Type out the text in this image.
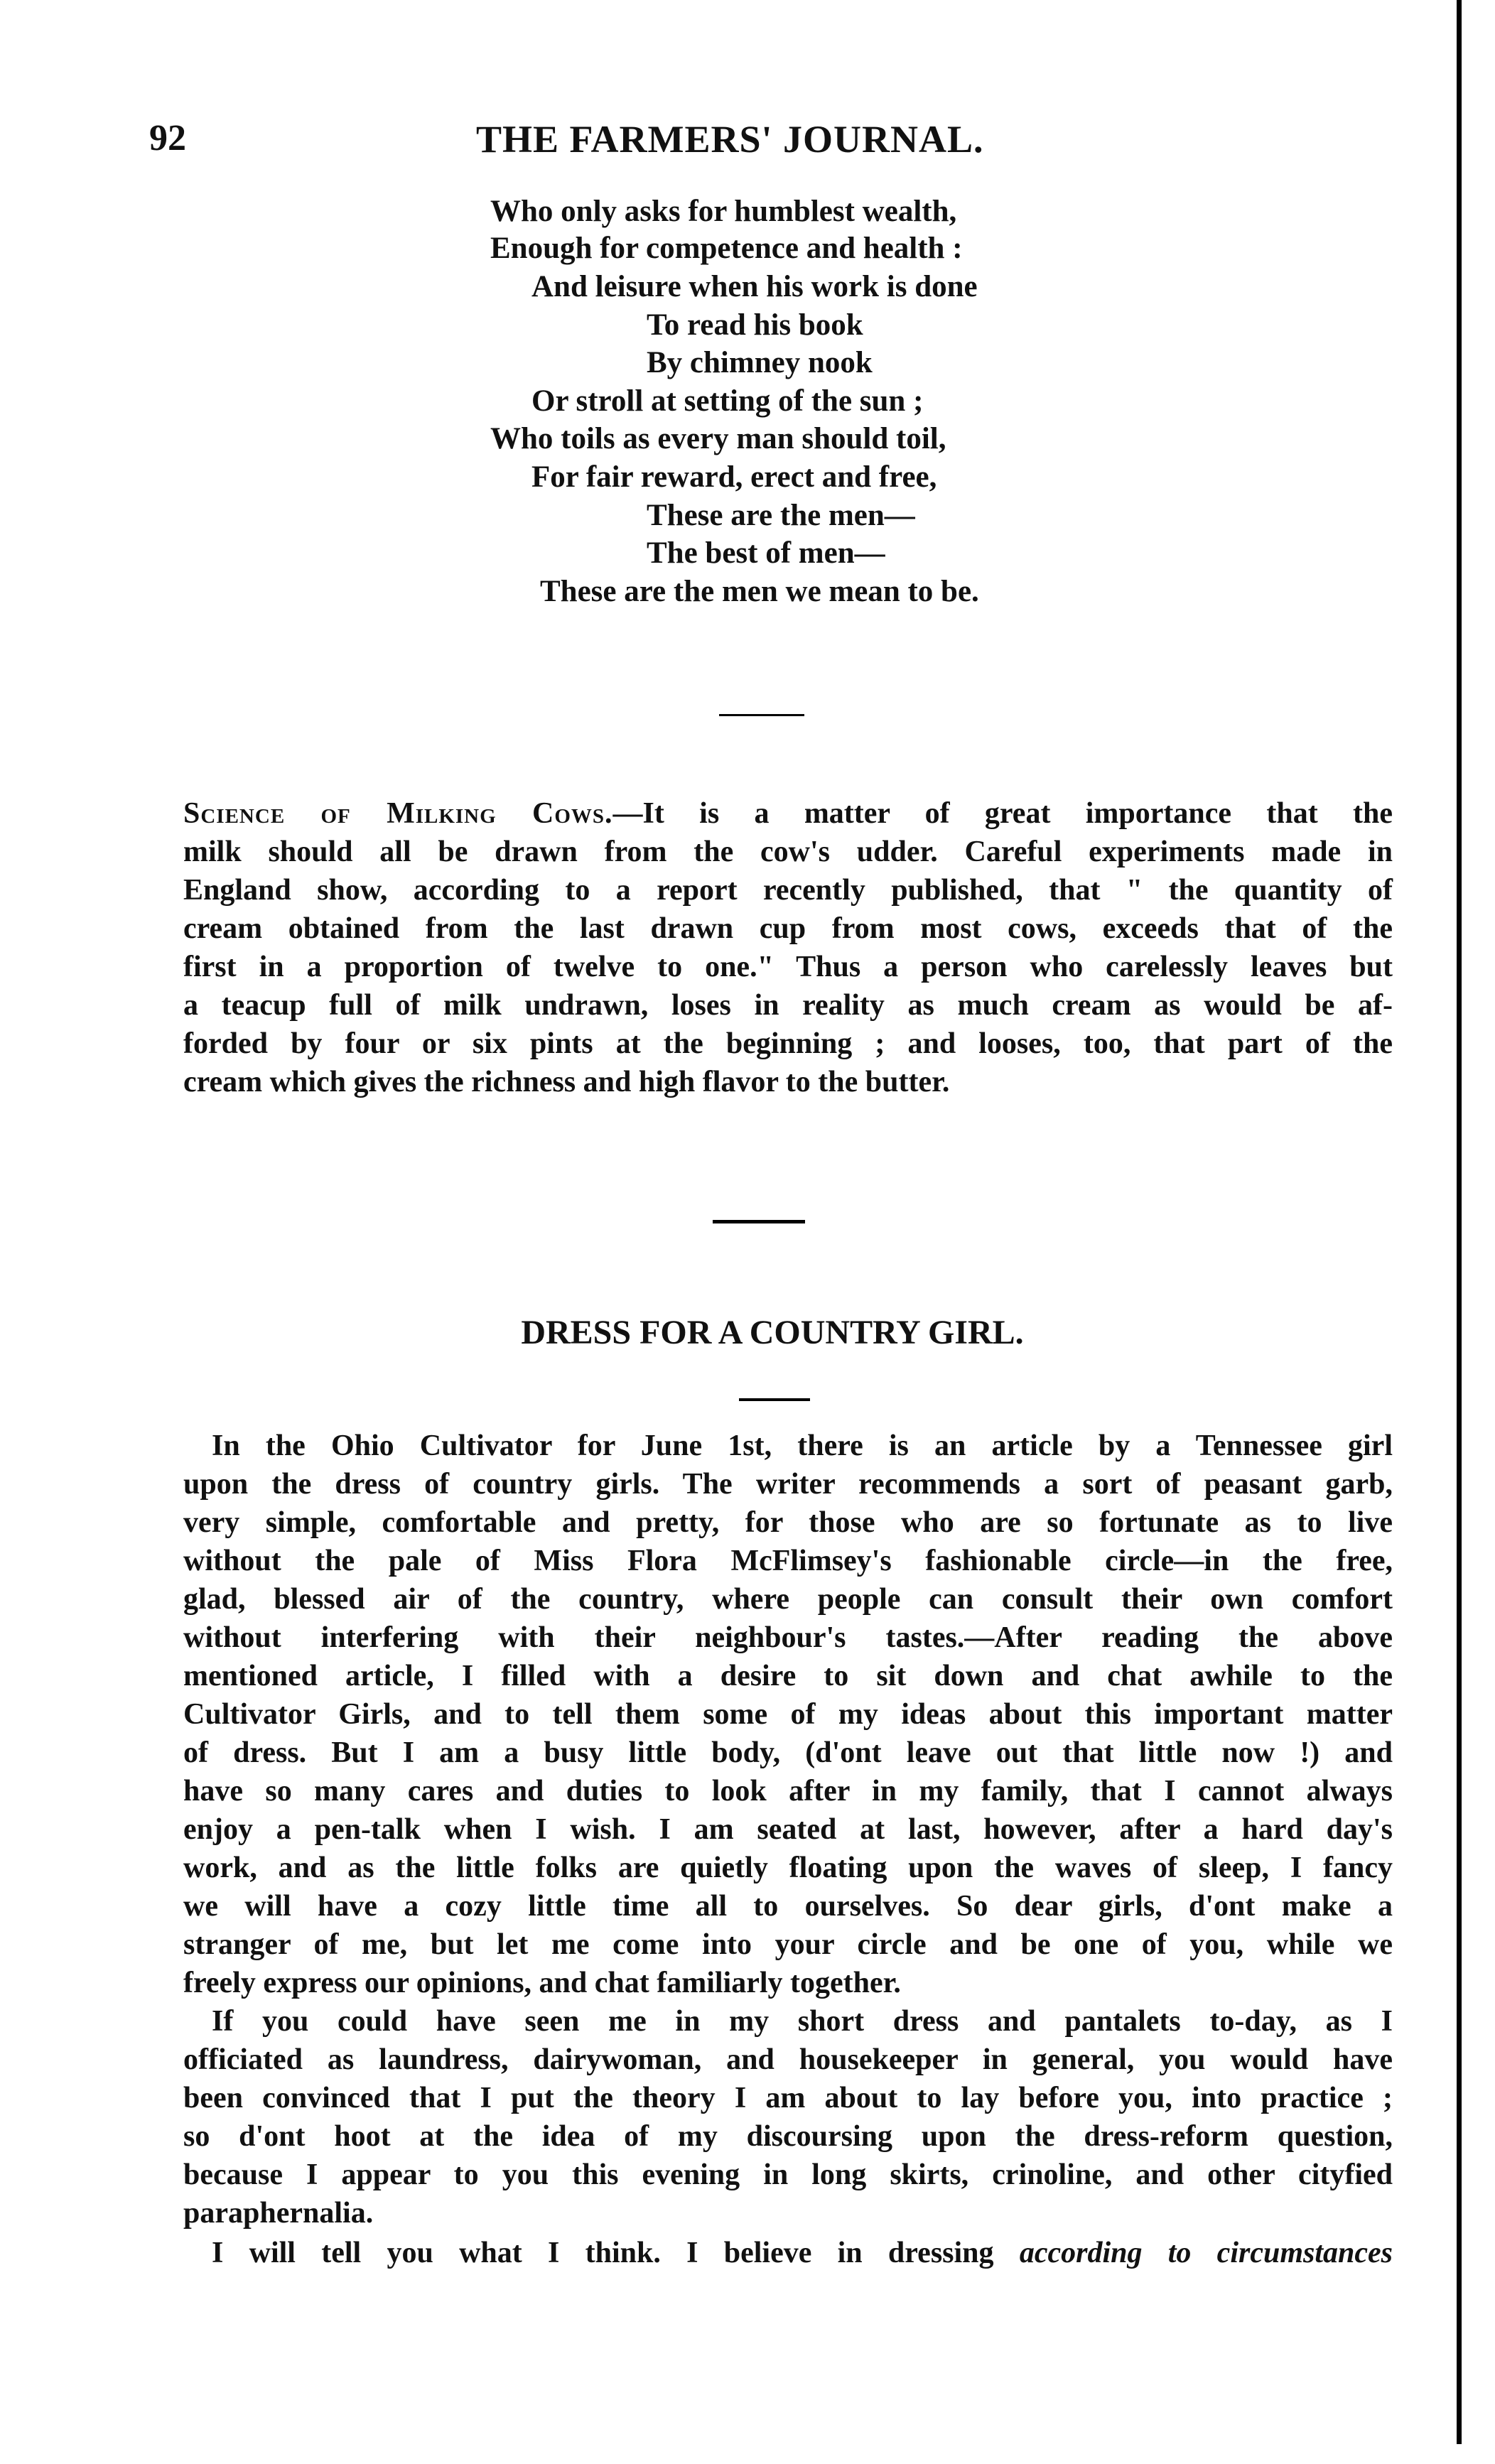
92	THE FARMERS' JOURNAL.
Who only asks for humblest wealth,
Enough for competence and health :
And leisure when his work is done
To read his book
By chimney nook
Or stroll at setting of the sun ;
Who toils as every man should toil,
For fair reward, erect and free,
These are the men—
The best of men—
These are the men we mean to be.
Science of Milking Cows.—It is a matter of great importance that the
milk should all be drawn from the cow's udder. Careful experiments made in
England show, according to a report recently published, that " the quantity of
cream obtained from the last drawn cup from most cows, exceeds that of the
first in a proportion of twelve to one." Thus a person who carelessly leaves but
a teacup full of milk undrawn, loses in reality as much cream as would be af-
forded by four or six pints at the beginning ; and looses, too, that part of the
cream which gives the richness and high flavor to the butter.
DRESS FOR A COUNTRY GIRL.
In the Ohio Cultivator for June 1st, there is an article by a Tennessee girl
upon the dress of country girls. The writer recommends a sort of peasant garb,
very simple, comfortable and pretty, for those who are so fortunate as to live
without the pale of Miss Flora McFlimsey's fashionable circle—in the free,
glad, blessed air of the country, where people can consult their own comfort
without interfering with their neighbour's tastes.—After reading the above
mentioned article, I filled with a desire to sit down and chat awhile to the
Cultivator Girls, and to tell them some of my ideas about this important matter
of dress. But I am a busy little body, (d'ont leave out that little now !) and
have so many cares and duties to look after in my family, that I cannot always
enjoy a pen-talk when I wish. I am seated at last, however, after a hard day's
work, and as the little folks are quietly floating upon the waves of sleep, I fancy
we will have a cozy little time all to ourselves. So dear girls, d'ont make a
stranger of me, but let me come into your circle and be one of you, while we
freely express our opinions, and chat familiarly together.
If you could have seen me in my short dress and pantalets to-day, as I
officiated as laundress, dairywoman, and housekeeper in general, you would have
been convinced that I put the theory I am about to lay before you, into practice ;
so d'ont hoot at the idea of my discoursing upon the dress-reform question,
because I appear to you this evening in long skirts, crinoline, and other cityfied
paraphernalia.
I will tell you what I think. I believe in dressing according to circumstances
